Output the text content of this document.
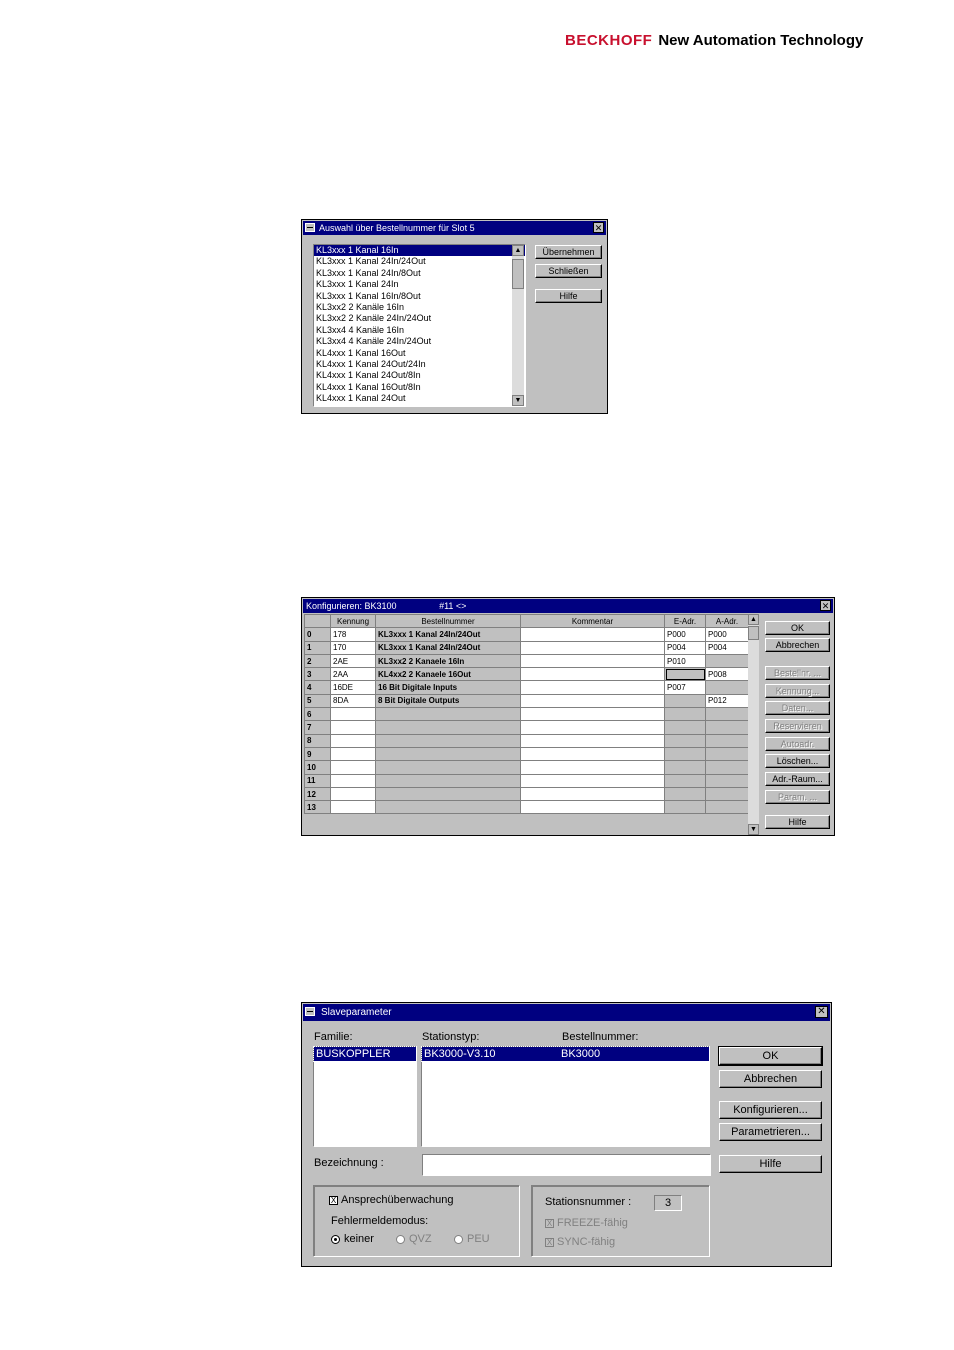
BECKHOFF New Automation Technology
Auswahl über Bestellnummer für Slot 5	✕
KL3xxx 1 Kanal 16In
KL3xxx 1 Kanal 24In/24Out
KL3xxx 1 Kanal 24In/8Out
KL3xxx 1 Kanal 24In
KL3xxx 1 Kanal 16In/8Out
KL3xx2 2 Kanäle 16In
KL3xx2 2 Kanäle 24In/24Out
KL3xx4 4 Kanäle 16In
KL3xx4 4 Kanäle 24In/24Out
KL4xxx 1 Kanal 16Out
KL4xxx 1 Kanal 24Out/24In
KL4xxx 1 Kanal 24Out/8In
KL4xxx 1 Kanal 16Out/8In
KL4xxx 1 Kanal 24Out
▲
▼
Übernehmen
Schließen
Hilfe
Konfigurieren: BK3100	#11 <>	✕
	Kennung	Bestellnummer	Kommentar	E-Adr.	A-Adr.
0	178	KL3xxx 1 Kanal 24In/24Out		P000	P000
1	170	KL3xxx 1 Kanal 24In/24Out		P004	P004
2	2AE	KL3xx2 2 Kanaele 16In		P010	
3	2AA	KL4xx2 2 Kanaele 16Out			P008
4	16DE	16 Bit Digitale Inputs		P007	
5	8DA	8 Bit Digitale Outputs			P012
6					
7					
8					
9					
10					
11					
12					
13					
▲
▼
OK
Abbrechen
Bestellnr. ...
Kennung...
Daten...
Reservieren
Autoadr.
Löschen...
Adr.-Raum...
Param. ...
Hilfe
Slaveparameter	✕
Familie:	Stationstyp:	Bestellnummer:
BUSKOPPLER	BK3000-V3.10	BK3000
Bezeichnung :
OK
Abbrechen
Konfigurieren...
Parametrieren...
Hilfe
X Ansprechüberwachung
Fehlermeldemodus:
keiner	QVZ	PEU
Stationsnummer :	3
X FREEZE-fähig
X SYNC-fähig
